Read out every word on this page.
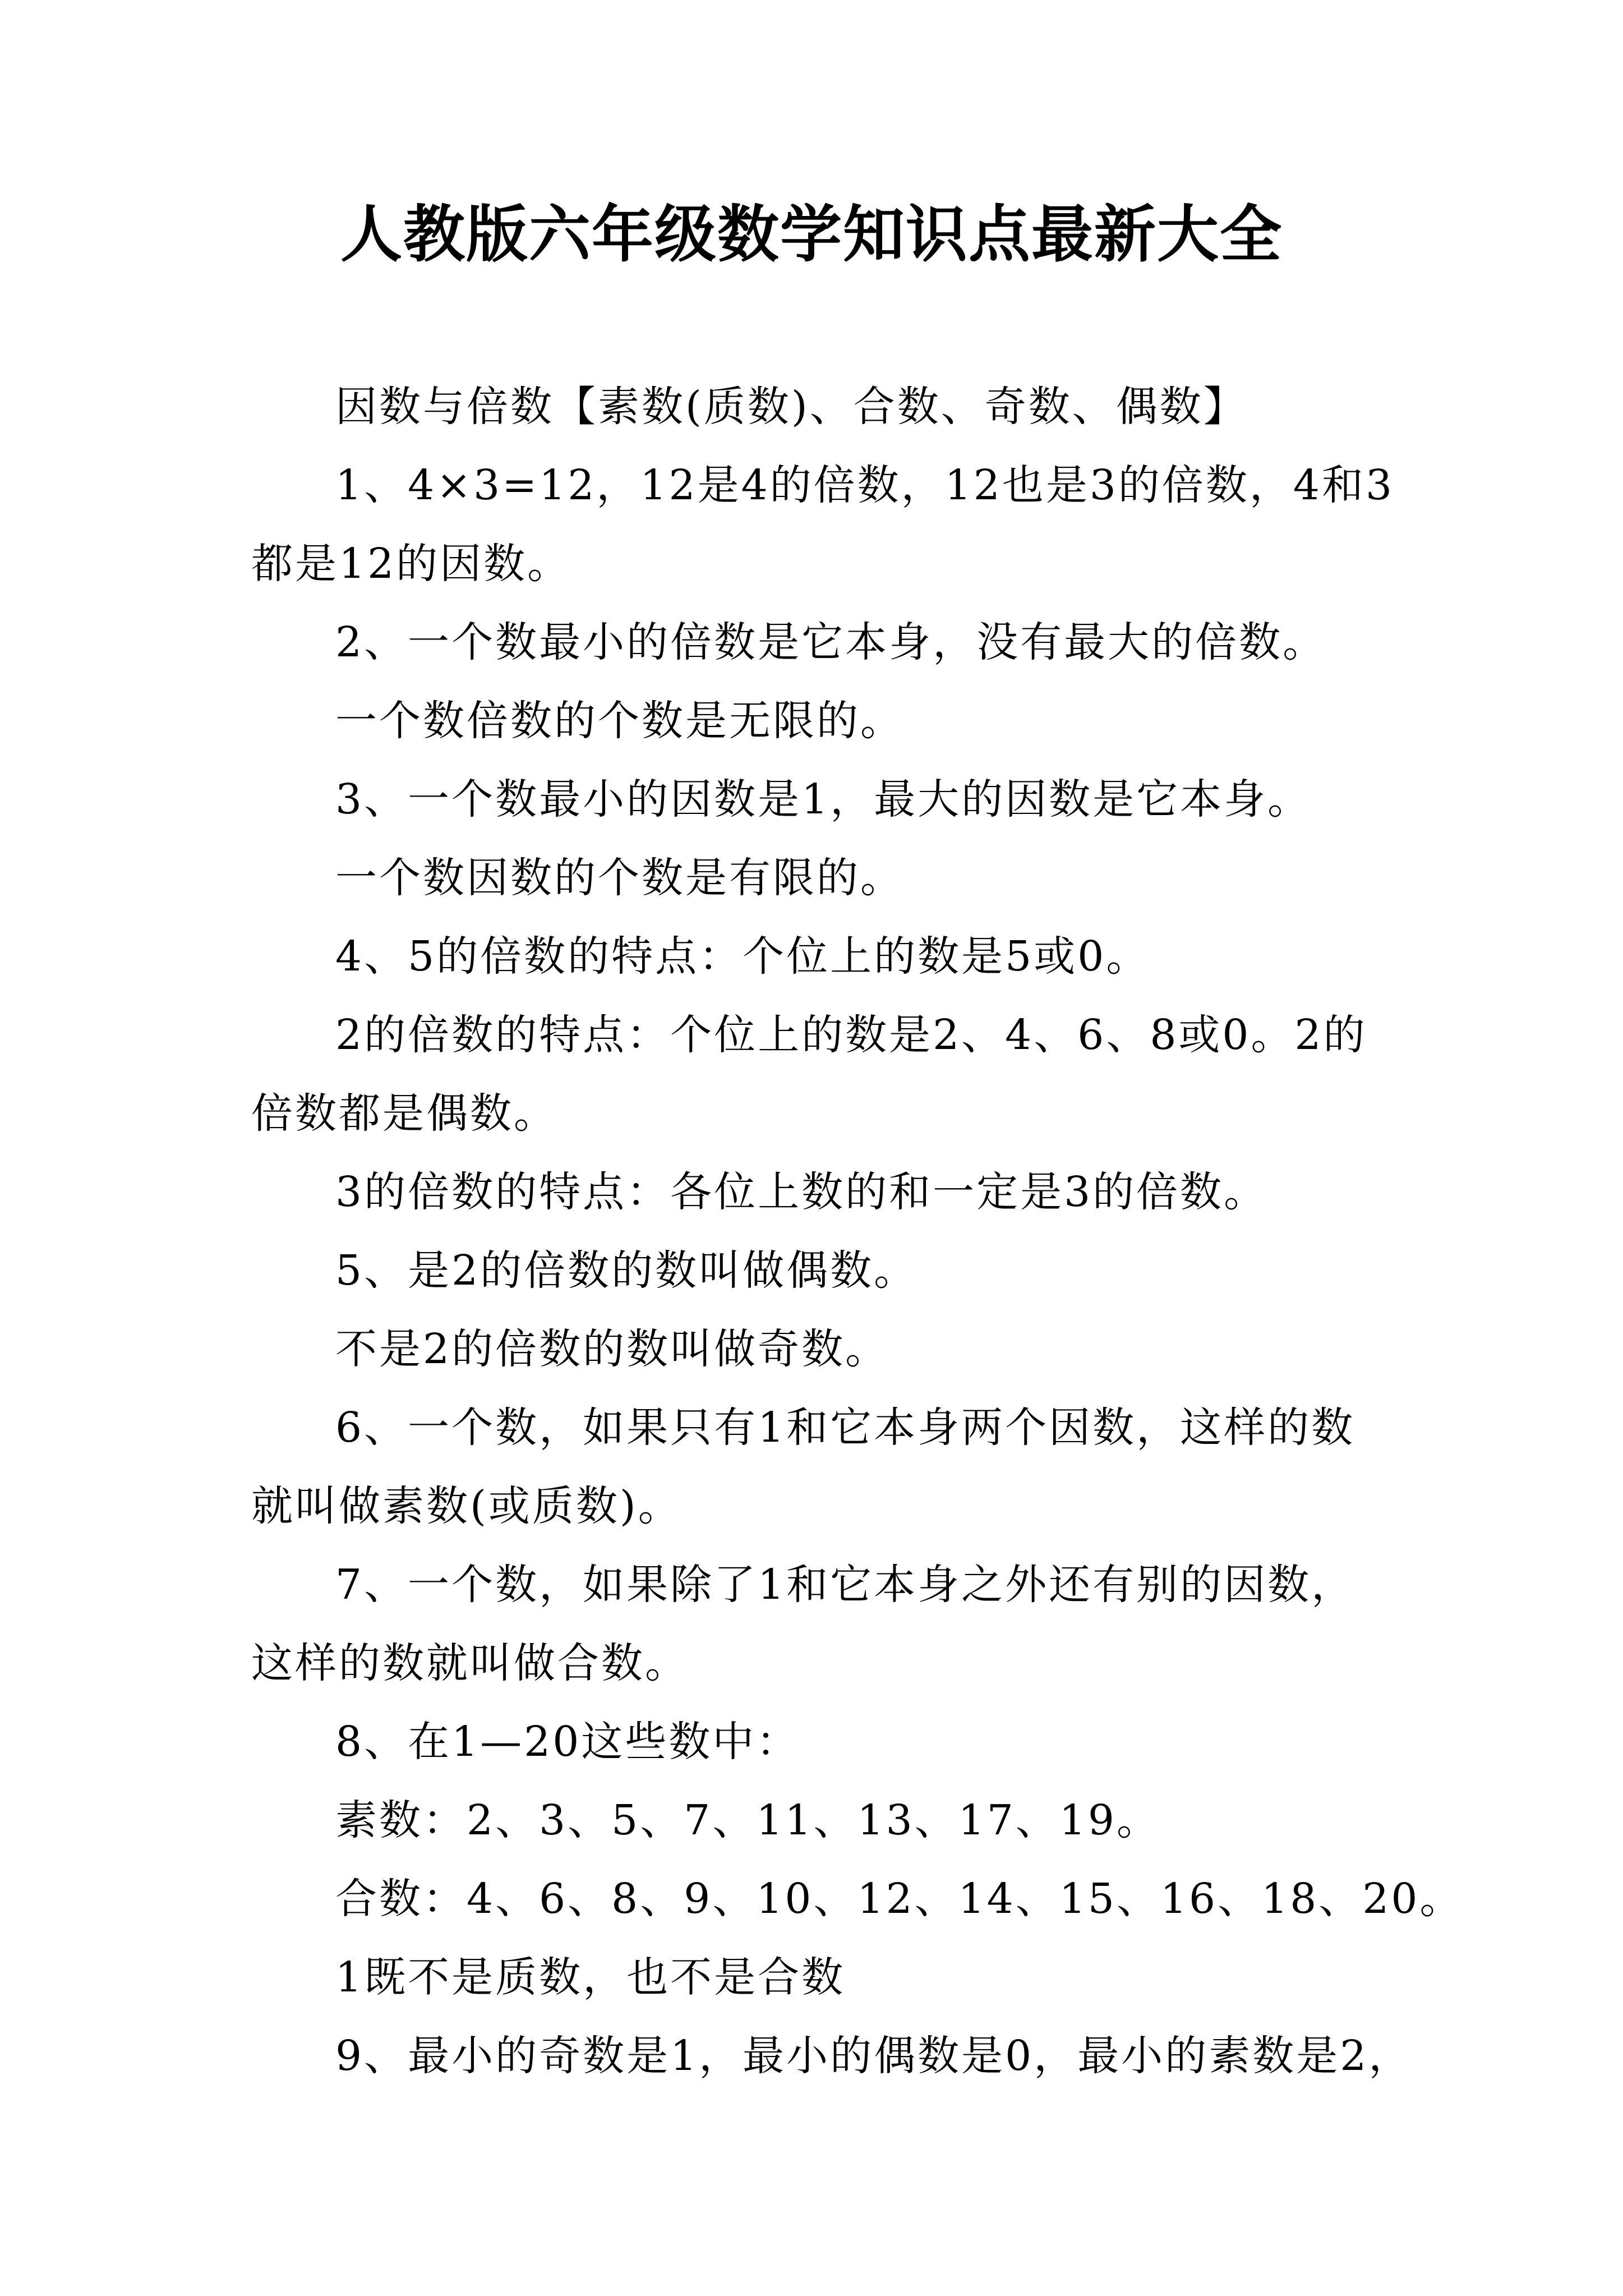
人教版六年级数学知识点最新大全
因数与倍数【素数(质数)、合数、奇数、偶数】
1、4×3=12，12是4的倍数，12也是3的倍数，4和3
都是12的因数。
2、一个数最小的倍数是它本身，没有最大的倍数。
一个数倍数的个数是无限的。
3、一个数最小的因数是1，最大的因数是它本身。
一个数因数的个数是有限的。
4、5的倍数的特点：个位上的数是5或0。
2的倍数的特点：个位上的数是2、4、6、8或0。2的
倍数都是偶数。
3的倍数的特点：各位上数的和一定是3的倍数。
5、是2的倍数的数叫做偶数。
不是2的倍数的数叫做奇数。
6、一个数，如果只有1和它本身两个因数，这样的数
就叫做素数(或质数)。
7、一个数，如果除了1和它本身之外还有别的因数，
这样的数就叫做合数。
8、在1—20这些数中：
素数：2、3、5、7、11、13、17、19。
合数：4、6、8、9、10、12、14、15、16、18、20。
1既不是质数，也不是合数
9、最小的奇数是1，最小的偶数是0，最小的素数是2，
